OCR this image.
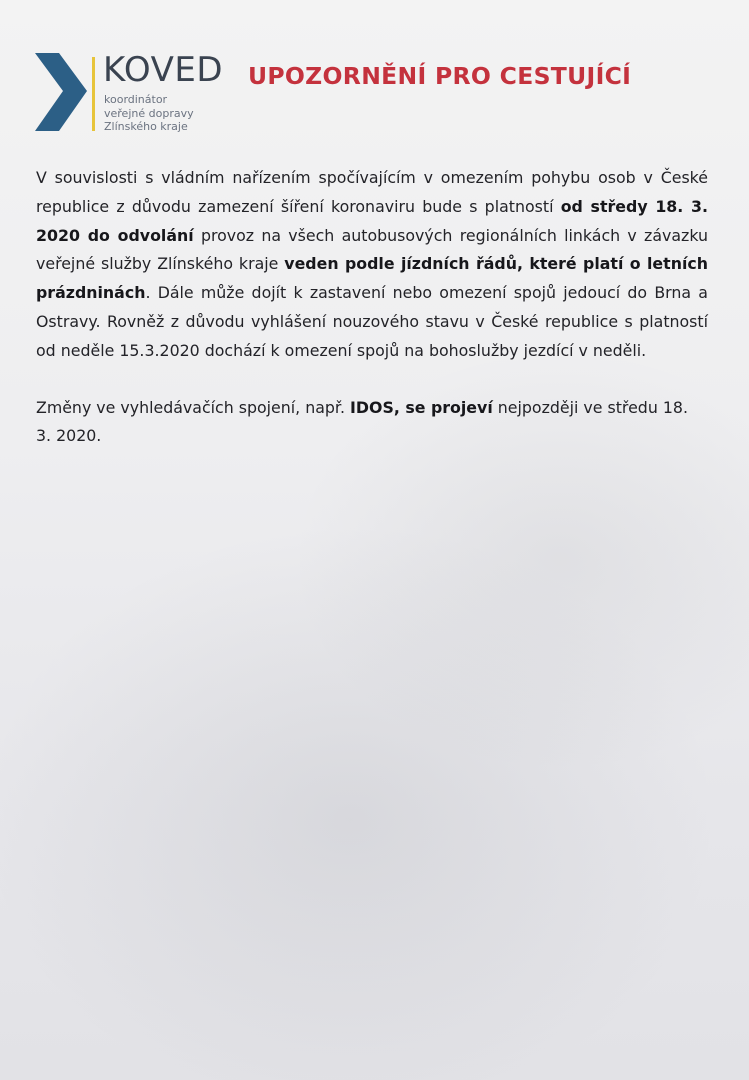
KOVED
koordinátor
veřejné dopravy
Zlínského kraje
UPOZORNĚNÍ PRO CESTUJÍCÍ

V souvislosti s vládním nařízením spočívajícím v omezením pohybu osob v České republice z důvodu zamezení šíření koronaviru bude s platností od středy 18. 3. 2020 do odvolání provoz na všech autobusových regionálních linkách v závazku veřejné služby Zlínského kraje veden podle jízdních řádů, které platí o letních prázdninách. Dále může dojít k zastavení nebo omezení spojů jedoucí do Brna a Ostravy. Rovněž z důvodu vyhlášení nouzového stavu v České republice s platností od neděle 15.3.2020 dochází k omezení spojů na bohoslužby jezdící v neděli.

Změny ve vyhledávačích spojení, např. IDOS, se projeví nejpozději ve středu 18. 3. 2020.
